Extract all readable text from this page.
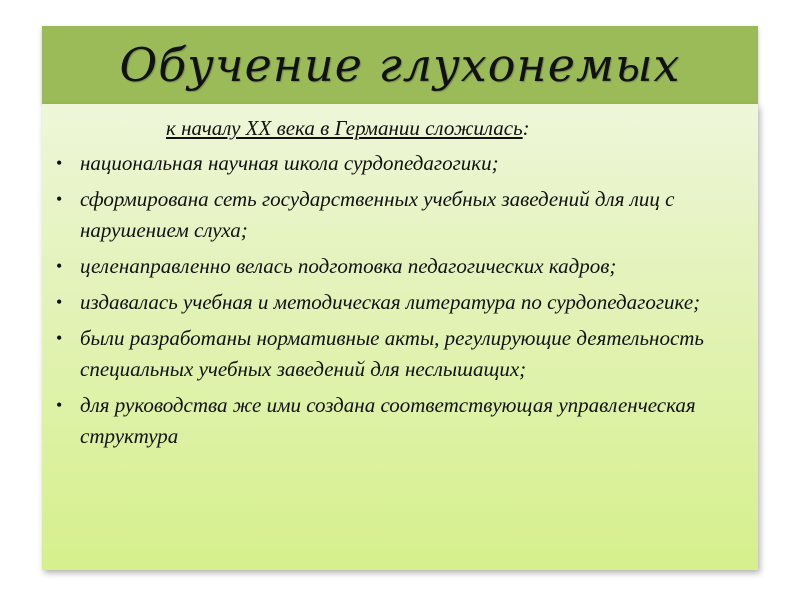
Обучение глухонемых

к началу XX века в Германии сложилась:

• национальная научная школа сурдопедагогики;
• сформирована сеть государственных учебных заведений для лиц с нарушением слуха;
• целенаправленно велась подготовка педагогических кадров;
• издавалась учебная и методическая литература по сурдопедагогике;
• были разработаны нормативные акты, регулирующие деятельность специальных учебных заведений для неслышащих;
• для руководства же ими создана соответствующая управленческая структура
